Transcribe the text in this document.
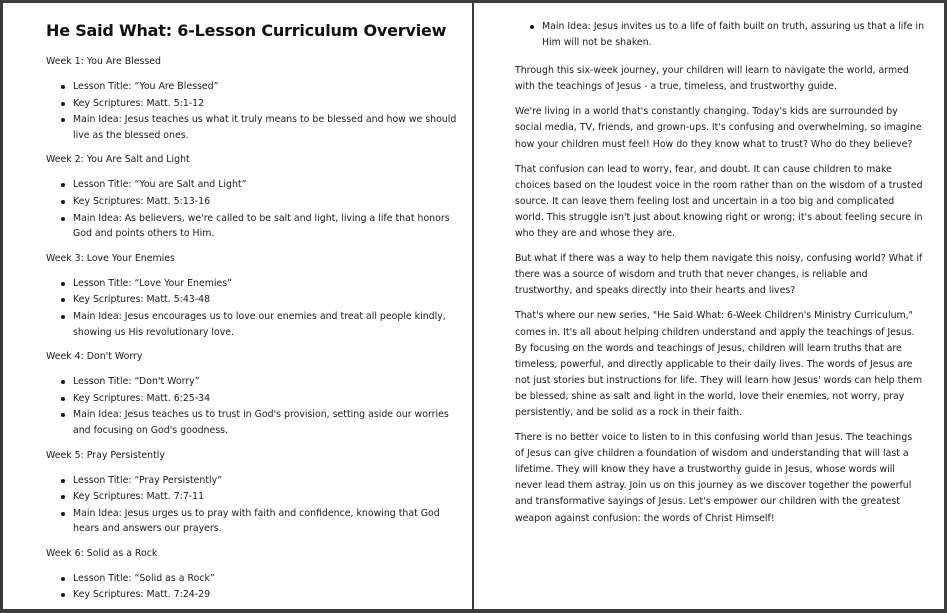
He Said What: 6-Lesson Curriculum Overview

Week 1: You Are Blessed

Lesson Title: “You Are Blessed”
Key Scriptures: Matt. 5:1-12
Main Idea: Jesus teaches us what it truly means to be blessed and how we should live as the blessed ones.

Week 2: You Are Salt and Light

Lesson Title: “You are Salt and Light”
Key Scriptures: Matt. 5:13-16
Main Idea: As believers, we're called to be salt and light, living a life that honors God and points others to Him.

Week 3: Love Your Enemies

Lesson Title: “Love Your Enemies”
Key Scriptures: Matt. 5:43-48
Main Idea: Jesus encourages us to love our enemies and treat all people kindly, showing us His revolutionary love.

Week 4: Don't Worry

Lesson Title: “Don't Worry”
Key Scriptures: Matt. 6:25-34
Main Idea: Jesus teaches us to trust in God's provision, setting aside our worries and focusing on God's goodness.

Week 5: Pray Persistently

Lesson Title: “Pray Persistently”
Key Scriptures: Matt. 7:7-11
Main Idea: Jesus urges us to pray with faith and confidence, knowing that God hears and answers our prayers.

Week 6: Solid as a Rock

Lesson Title: “Solid as a Rock”
Key Scriptures: Matt. 7:24-29
Main Idea: Jesus invites us to a life of faith built on truth, assuring us that a life in Him will not be shaken.

Through this six-week journey, your children will learn to navigate the world, armed with the teachings of Jesus - a true, timeless, and trustworthy guide.

We're living in a world that's constantly changing. Today's kids are surrounded by social media, TV, friends, and grown-ups. It's confusing and overwhelming, so imagine how your children must feel! How do they know what to trust? Who do they believe?

That confusion can lead to worry, fear, and doubt. It can cause children to make choices based on the loudest voice in the room rather than on the wisdom of a trusted source. It can leave them feeling lost and uncertain in a too big and complicated world. This struggle isn't just about knowing right or wrong; it's about feeling secure in who they are and whose they are.

But what if there was a way to help them navigate this noisy, confusing world? What if there was a source of wisdom and truth that never changes, is reliable and trustworthy, and speaks directly into their hearts and lives?

That's where our new series, "He Said What: 6-Week Children's Ministry Curriculum," comes in. It's all about helping children understand and apply the teachings of Jesus. By focusing on the words and teachings of Jesus, children will learn truths that are timeless, powerful, and directly applicable to their daily lives. The words of Jesus are not just stories but instructions for life. They will learn how Jesus' words can help them be blessed, shine as salt and light in the world, love their enemies, not worry, pray persistently, and be solid as a rock in their faith.

There is no better voice to listen to in this confusing world than Jesus. The teachings of Jesus can give children a foundation of wisdom and understanding that will last a lifetime. They will know they have a trustworthy guide in Jesus, whose words will never lead them astray. Join us on this journey as we discover together the powerful and transformative sayings of Jesus. Let's empower our children with the greatest weapon against confusion: the words of Christ Himself!
